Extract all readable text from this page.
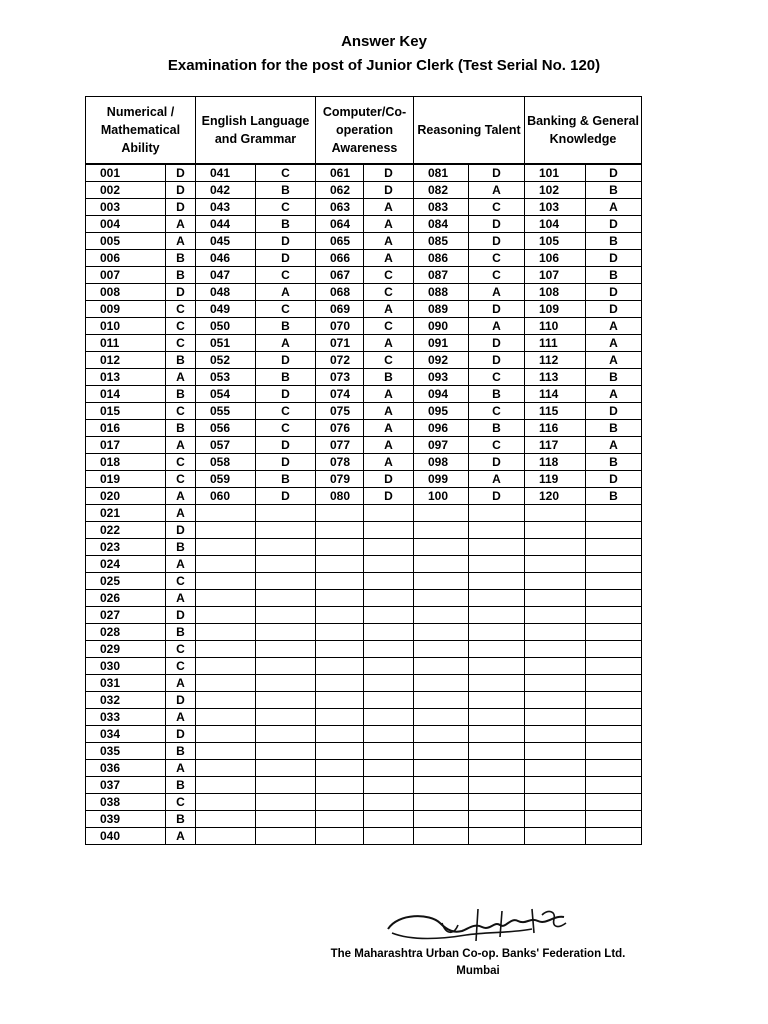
Answer Key
Examination for the post of Junior Clerk (Test Serial No. 120)
Numerical / Mathematical Ability		English Language and Grammar		Computer/Co-operation Awareness		Reasoning Talent		Banking & General Knowledge	
001	D	041	C	061	D	081	D	101	D
002	D	042	B	062	D	082	A	102	B
003	D	043	C	063	A	083	C	103	A
004	A	044	B	064	A	084	D	104	D
005	A	045	D	065	A	085	D	105	B
006	B	046	D	066	A	086	C	106	D
007	B	047	C	067	C	087	C	107	B
008	D	048	A	068	C	088	A	108	D
009	C	049	C	069	A	089	D	109	D
010	C	050	B	070	C	090	A	110	A
011	C	051	A	071	A	091	D	111	A
012	B	052	D	072	C	092	D	112	A
013	A	053	B	073	B	093	C	113	B
014	B	054	D	074	A	094	B	114	A
015	C	055	C	075	A	095	C	115	D
016	B	056	C	076	A	096	B	116	B
017	A	057	D	077	A	097	C	117	A
018	C	058	D	078	A	098	D	118	B
019	C	059	B	079	D	099	A	119	D
020	A	060	D	080	D	100	D	120	B
021	A								
022	D								
023	B								
024	A								
025	C								
026	A								
027	D								
028	B								
029	C								
030	C								
031	A								
032	D								
033	A								
034	D								
035	B								
036	A								
037	B								
038	C								
039	B								
040	A								
The Maharashtra Urban Co-op. Banks' Federation Ltd.
Mumbai
